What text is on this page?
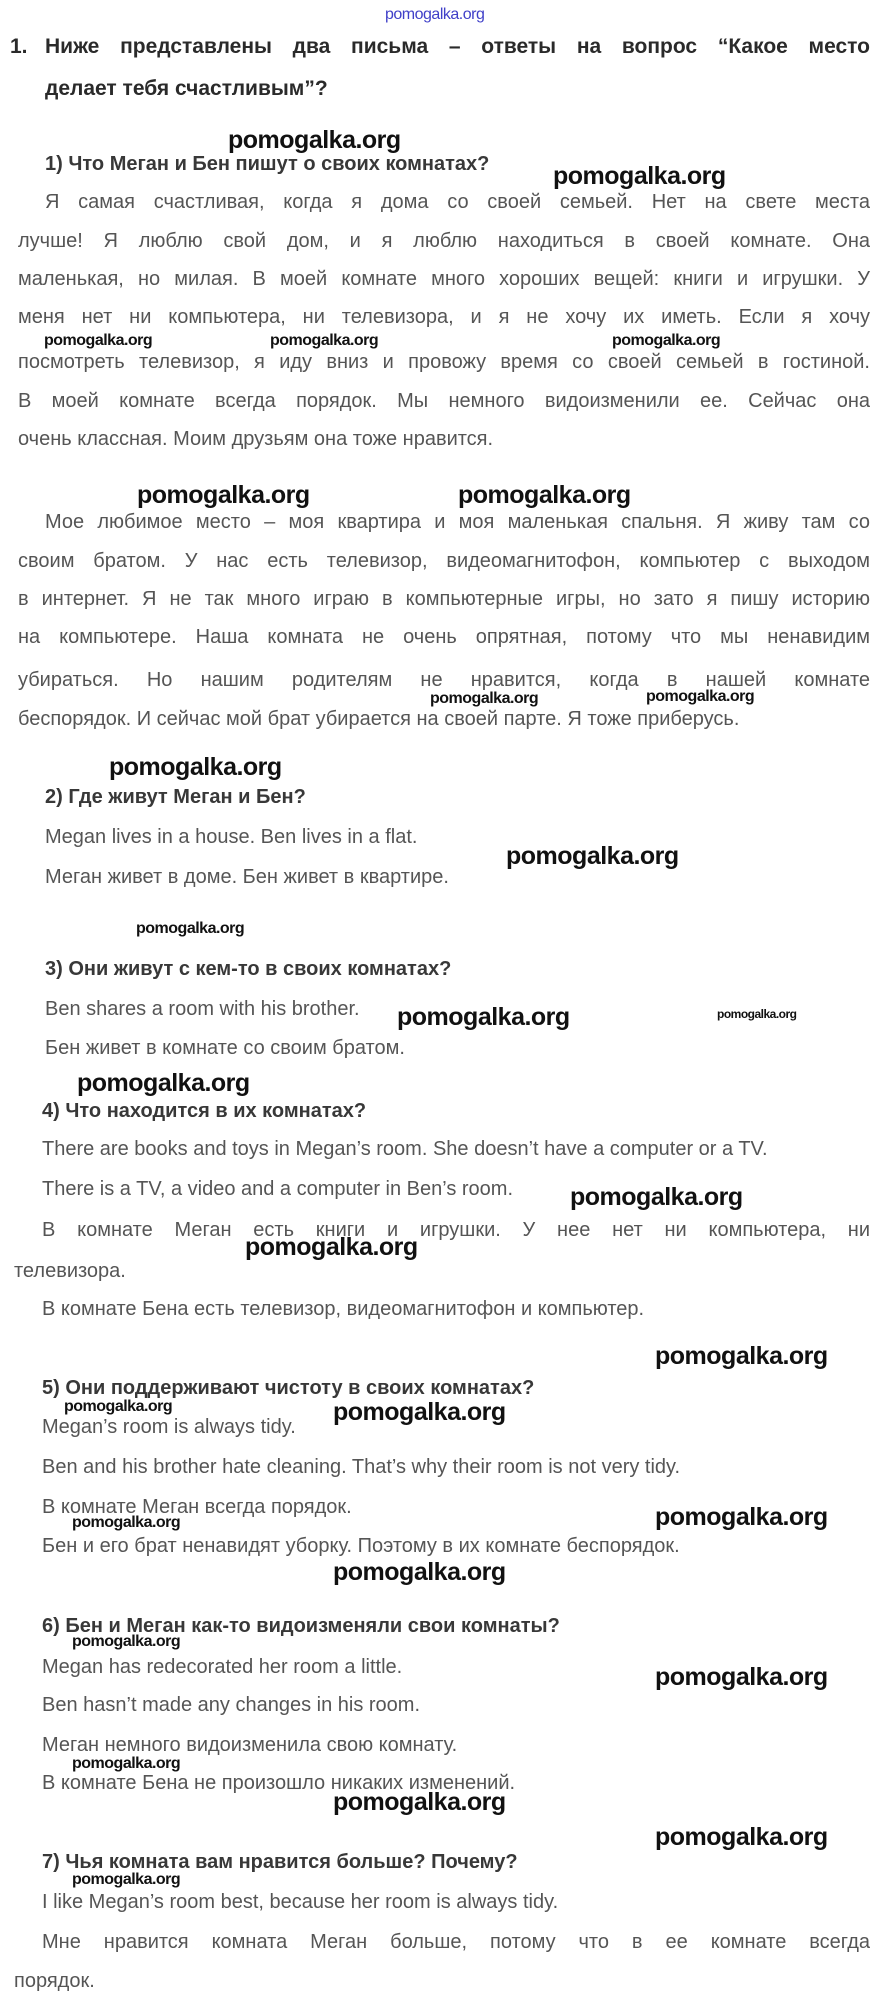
pomogalka.org
1. Ниже представлены два письма – ответы на вопрос “Какое место
делает тебя счастливым”?
1) Что Меган и Бен пишут о своих комнатах?
Я самая счастливая, когда я дома со своей семьей. Нет на свете места
лучше! Я люблю свой дом, и я люблю находиться в своей комнате. Она
маленькая, но милая. В моей комнате много хороших вещей: книги и игрушки. У
меня нет ни компьютера, ни телевизора, и я не хочу их иметь. Если я хочу
посмотреть телевизор, я иду вниз и провожу время со своей семьей в гостиной.
В моей комнате всегда порядок. Мы немного видоизменили ее. Сейчас она
очень классная. Моим друзьям она тоже нравится.
Мое любимое место – моя квартира и моя маленькая спальня. Я живу там со
своим братом. У нас есть телевизор, видеомагнитофон, компьютер с выходом
в интернет. Я не так много играю в компьютерные игры, но зато я пишу историю
на компьютере. Наша комната не очень опрятная, потому что мы ненавидим
убираться. Но нашим родителям не нравится, когда в нашей комнате
беспорядок. И сейчас мой брат убирается на своей парте. Я тоже приберусь.
2) Где живут Меган и Бен?
Megan lives in a house. Ben lives in a flat.
Меган живет в доме. Бен живет в квартире.
3) Они живут с кем-то в своих комнатах?
Ben shares a room with his brother.
Бен живет в комнате со своим братом.
4) Что находится в их комнатах?
There are books and toys in Megan’s room. She doesn’t have a computer or a TV.
There is a TV, a video and a computer in Ben’s room.
В комнате Меган есть книги и игрушки. У нее нет ни компьютера, ни
телевизора.
В комнате Бена есть телевизор, видеомагнитофон и компьютер.
5) Они поддерживают чистоту в своих комнатах?
Megan’s room is always tidy.
Ben and his brother hate cleaning. That’s why their room is not very tidy.
В комнате Меган всегда порядок.
Бен и его брат ненавидят уборку. Поэтому в их комнате беспорядок.
6) Бен и Меган как-то видоизменяли свои комнаты?
Megan has redecorated her room a little.
Ben hasn’t made any changes in his room.
Меган немного видоизменила свою комнату.
В комнате Бена не произошло никаких изменений.
7) Чья комната вам нравится больше? Почему?
I like Megan’s room best, because her room is always tidy.
Мне нравится комната Меган больше, потому что в ее комнате всегда
порядок.
pomogalka.org
pomogalka.org
pomogalka.org	pomogalka.org	pomogalka.org
pomogalka.org	pomogalka.org
pomogalka.org	pomogalka.org
pomogalka.org
pomogalka.org
pomogalka.org
pomogalka.org	pomogalka.org
pomogalka.org
pomogalka.org
pomogalka.org
pomogalka.org
pomogalka.org	pomogalka.org
pomogalka.org	pomogalka.org
pomogalka.org
pomogalka.org
pomogalka.org
pomogalka.org
pomogalka.org
pomogalka.org
pomogalka.org
